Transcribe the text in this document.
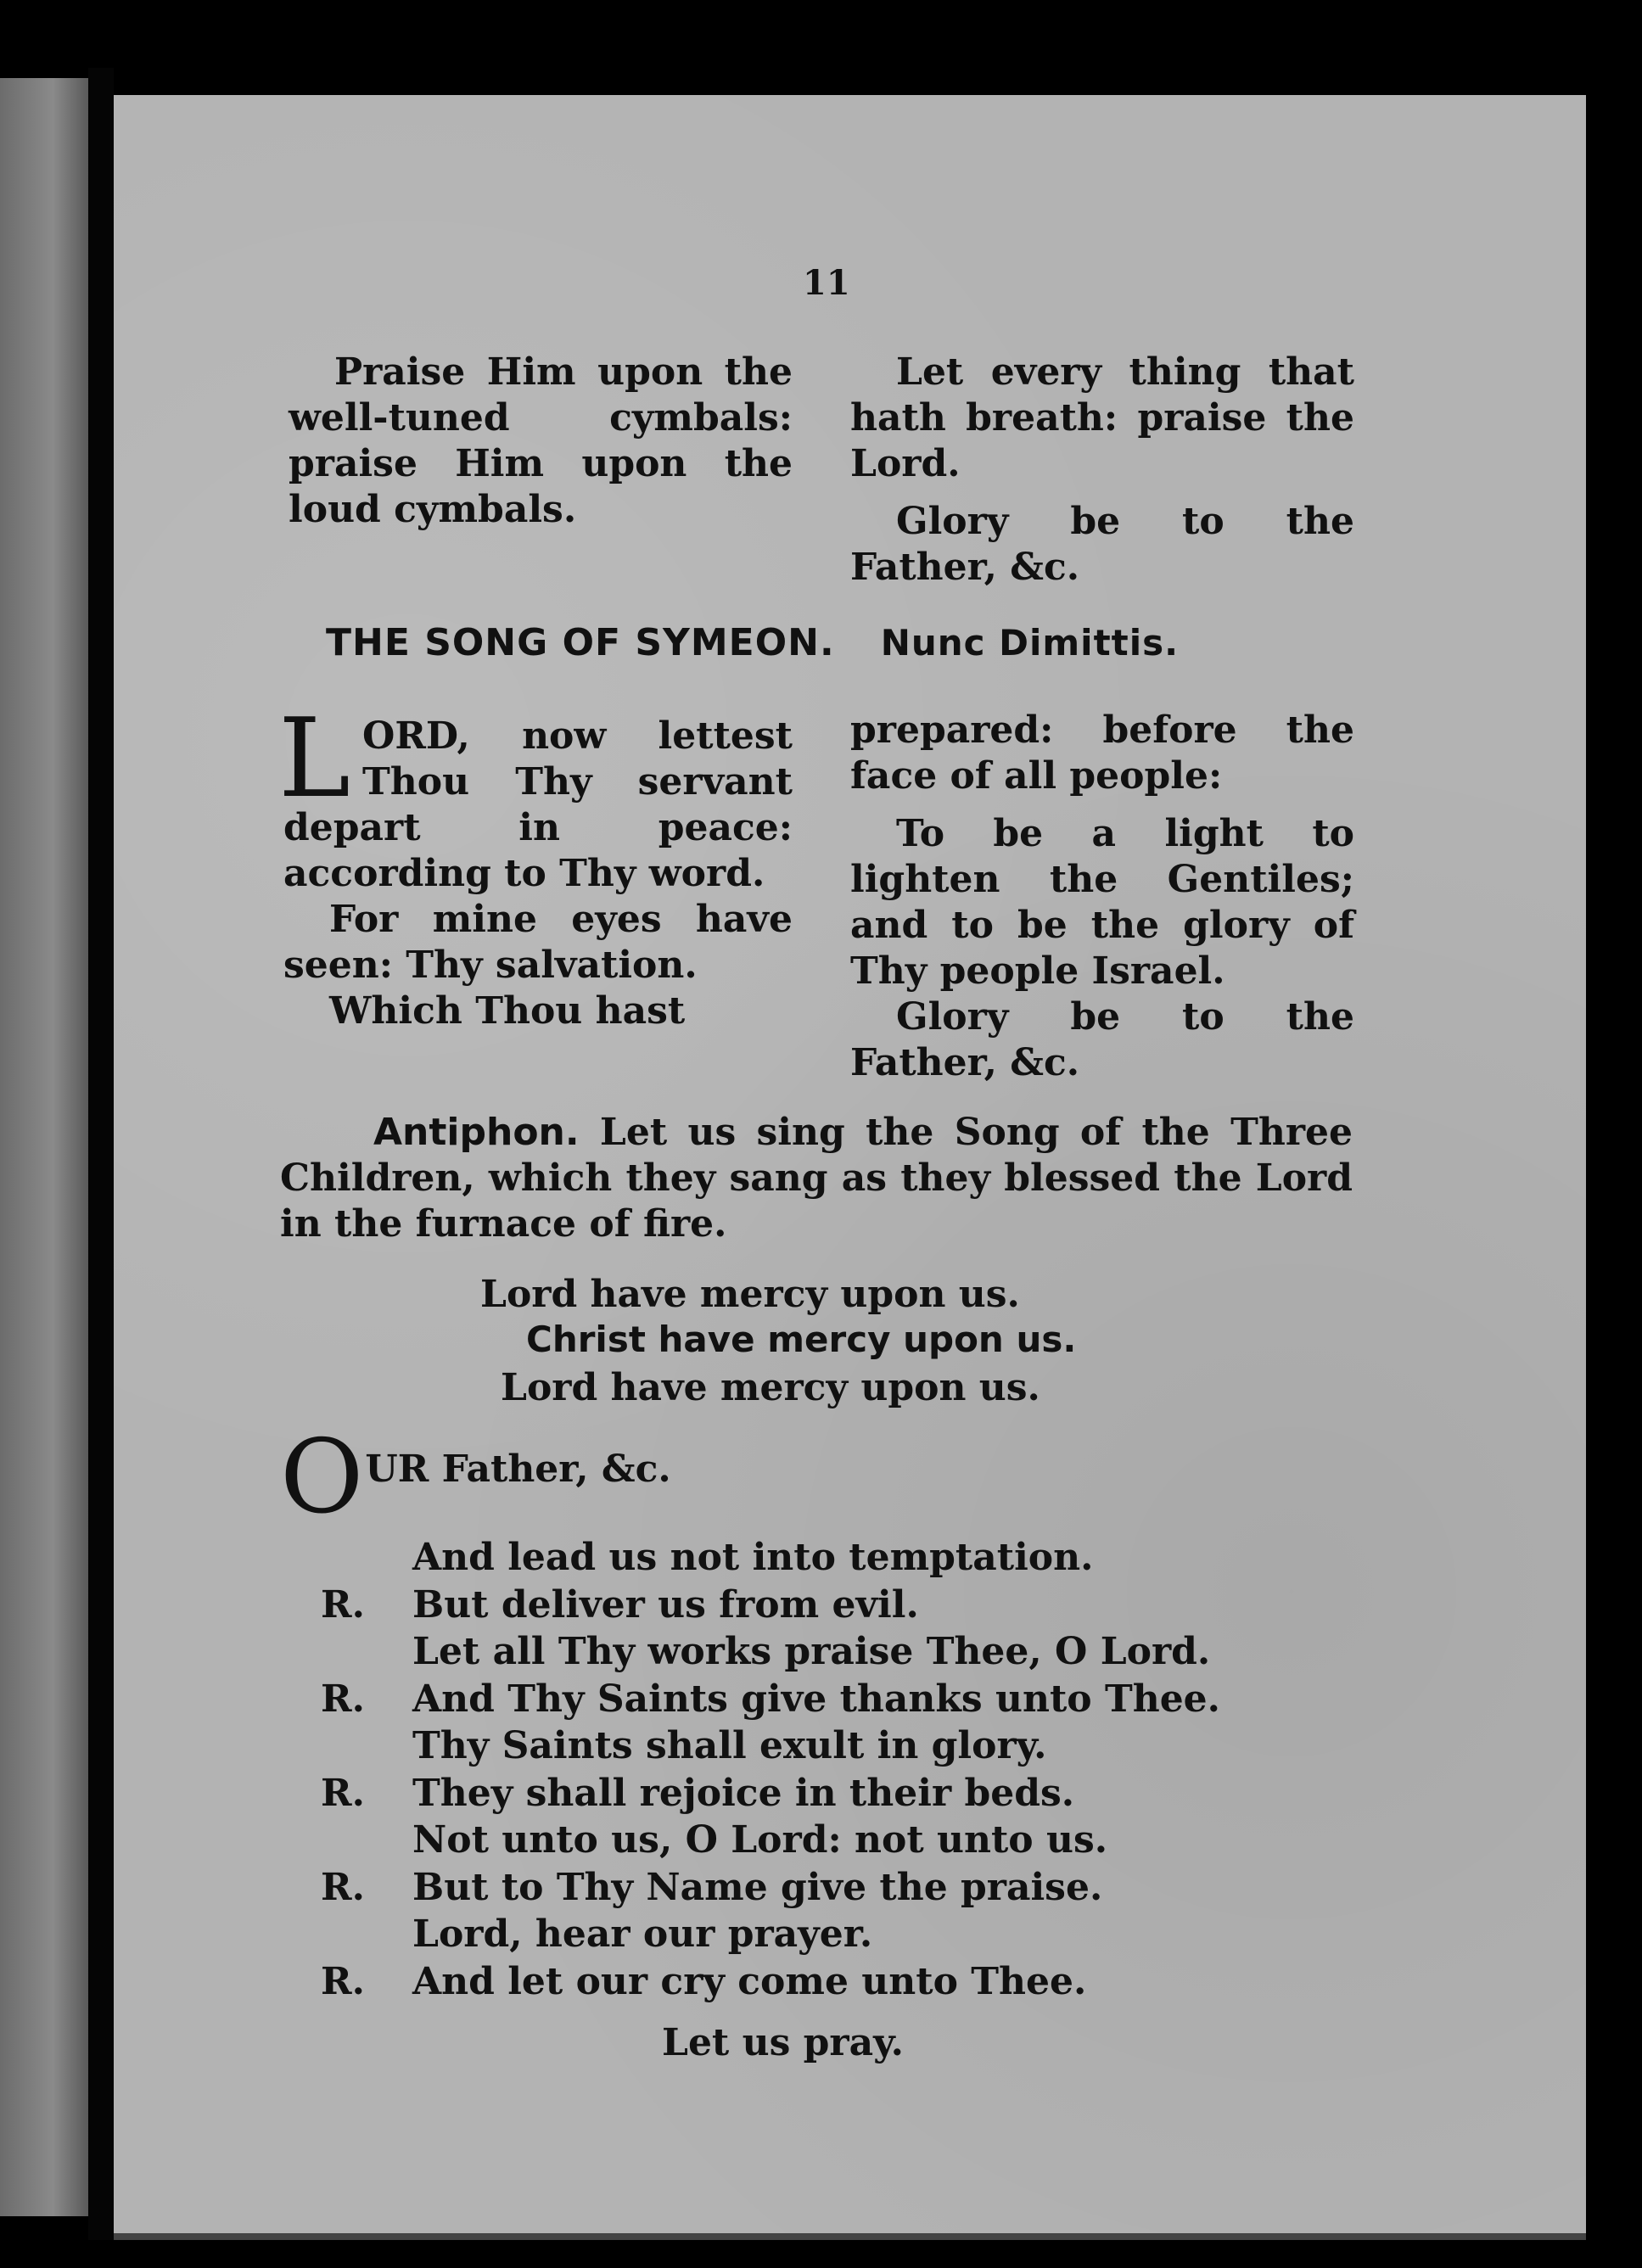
11

Praise Him upon the well-tuned cymbals: praise Him upon the loud cymbals.

Let every thing that hath breath: praise the Lord.

Glory be to the Father, &c.

THE SONG OF SYMEON. Nunc Dimittis.

LORD, now lettest Thou Thy servant depart in peace: according to Thy word.

For mine eyes have seen: Thy salvation.

Which Thou hast

prepared: before the face of all people:

To be a light to lighten the Gentiles; and to be the glory of Thy people Israel.

Glory be to the Father, &c.

Antiphon. Let us sing the Song of the Three Children, which they sang as they blessed the Lord in the furnace of fire.
Lord have mercy upon us.
Christ have mercy upon us.
Lord have mercy upon us.
OUR Father, &c.
And lead us not into temptation.
R. But deliver us from evil.
Let all Thy works praise Thee, O Lord.
R. And Thy Saints give thanks unto Thee.
Thy Saints shall exult in glory.
R. They shall rejoice in their beds.
Not unto us, O Lord: not unto us.
R. But to Thy Name give the praise.
Lord, hear our prayer.
R. And let our cry come unto Thee.
Let us pray.
